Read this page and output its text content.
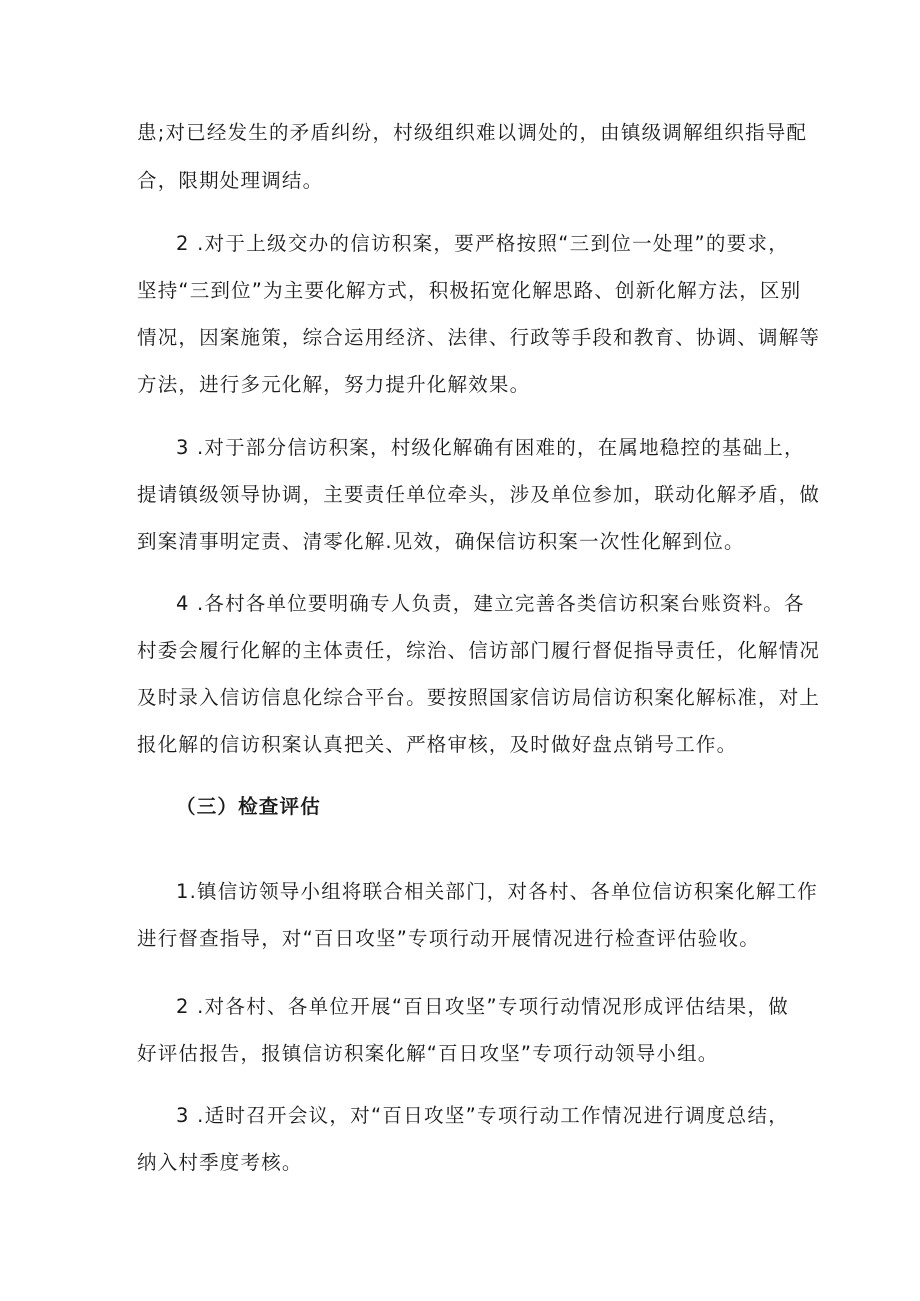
患;对已经发生的矛盾纠纷，村级组织难以调处的，由镇级调解组织指导配
合，限期处理调结。
2 .对于上级交办的信访积案，要严格按照“三到位一处理”的要求，
坚持“三到位”为主要化解方式，积极拓宽化解思路、创新化解方法，区别
情况，因案施策，综合运用经济、法律、行政等手段和教育、协调、调解等
方法，进行多元化解，努力提升化解效果。
3 .对于部分信访积案，村级化解确有困难的，在属地稳控的基础上，
提请镇级领导协调，主要责任单位牵头，涉及单位参加，联动化解矛盾，做
到案清事明定责、清零化解.见效，确保信访积案一次性化解到位。
4 .各村各单位要明确专人负责，建立完善各类信访积案台账资料。各
村委会履行化解的主体责任，综治、信访部门履行督促指导责任，化解情况
及时录入信访信息化综合平台。要按照国家信访局信访积案化解标准，对上
报化解的信访积案认真把关、严格审核，及时做好盘点销号工作。
（三）检查评估
1.镇信访领导小组将联合相关部门，对各村、各单位信访积案化解工作
进行督查指导，对“百日攻坚”专项行动开展情况进行检查评估验收。
2 .对各村、各单位开展“百日攻坚”专项行动情况形成评估结果，做
好评估报告，报镇信访积案化解“百日攻坚”专项行动领导小组。
3 .适时召开会议，对“百日攻坚”专项行动工作情况进行调度总结，
纳入村季度考核。
